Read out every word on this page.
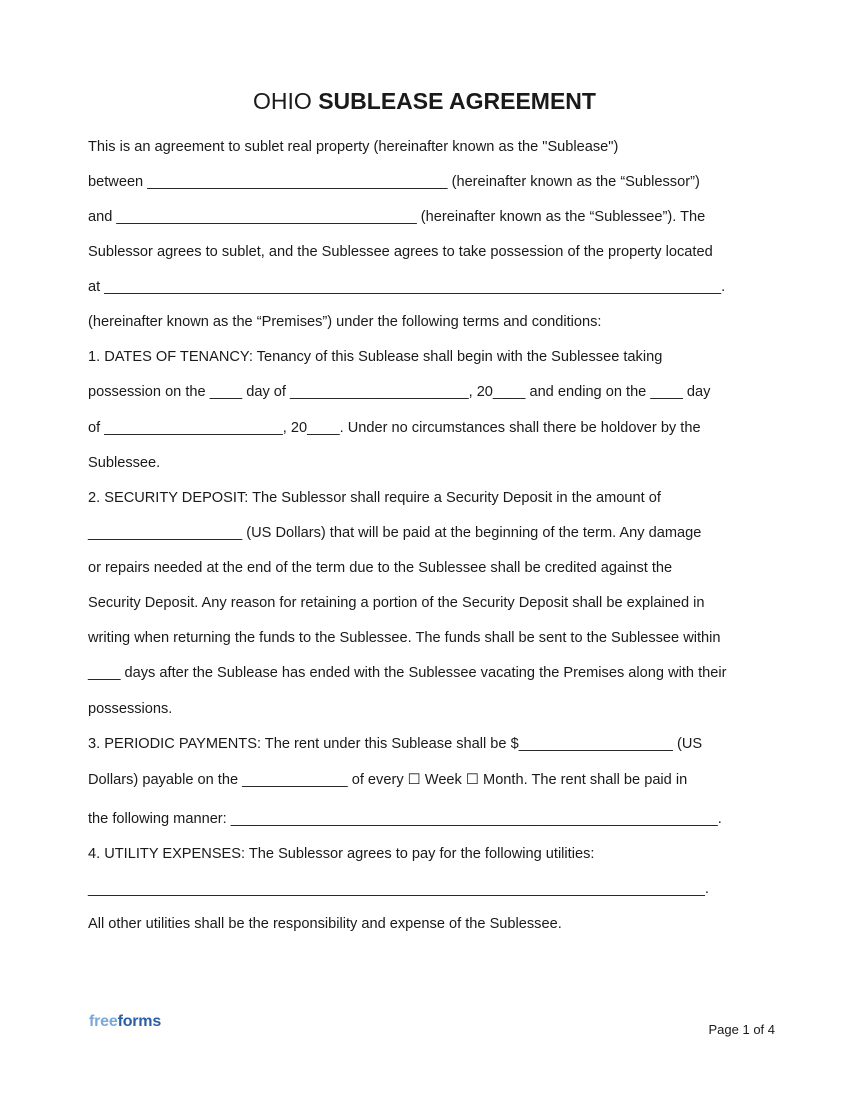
OHIO SUBLEASE AGREEMENT
This is an agreement to sublet real property (hereinafter known as the "Sublease")
between _____________________________________ (hereinafter known as the “Sublessor”)
and _____________________________________ (hereinafter known as the “Sublessee”). The
Sublessor agrees to sublet, and the Sublessee agrees to take possession of the property located
at ____________________________________________________________________________.
(hereinafter known as the “Premises”) under the following terms and conditions:
1. DATES OF TENANCY: Tenancy of this Sublease shall begin with the Sublessee taking
possession on the ____ day of ______________________, 20____ and ending on the ____ day
of ______________________, 20____. Under no circumstances shall there be holdover by the
Sublessee.
2. SECURITY DEPOSIT: The Sublessor shall require a Security Deposit in the amount of
___________________ (US Dollars) that will be paid at the beginning of the term. Any damage
or repairs needed at the end of the term due to the Sublessee shall be credited against the
Security Deposit. Any reason for retaining a portion of the Security Deposit shall be explained in
writing when returning the funds to the Sublessee. The funds shall be sent to the Sublessee within
____ days after the Sublease has ended with the Sublessee vacating the Premises along with their
possessions.
3. PERIODIC PAYMENTS: The rent under this Sublease shall be $___________________ (US
Dollars) payable on the _____________ of every ☐ Week ☐ Month. The rent shall be paid in
the following manner: ____________________________________________________________.
4. UTILITY EXPENSES: The Sublessor agrees to pay for the following utilities:
____________________________________________________________________________.
All other utilities shall be the responsibility and expense of the Sublessee.
freeforms	Page 1 of 4
